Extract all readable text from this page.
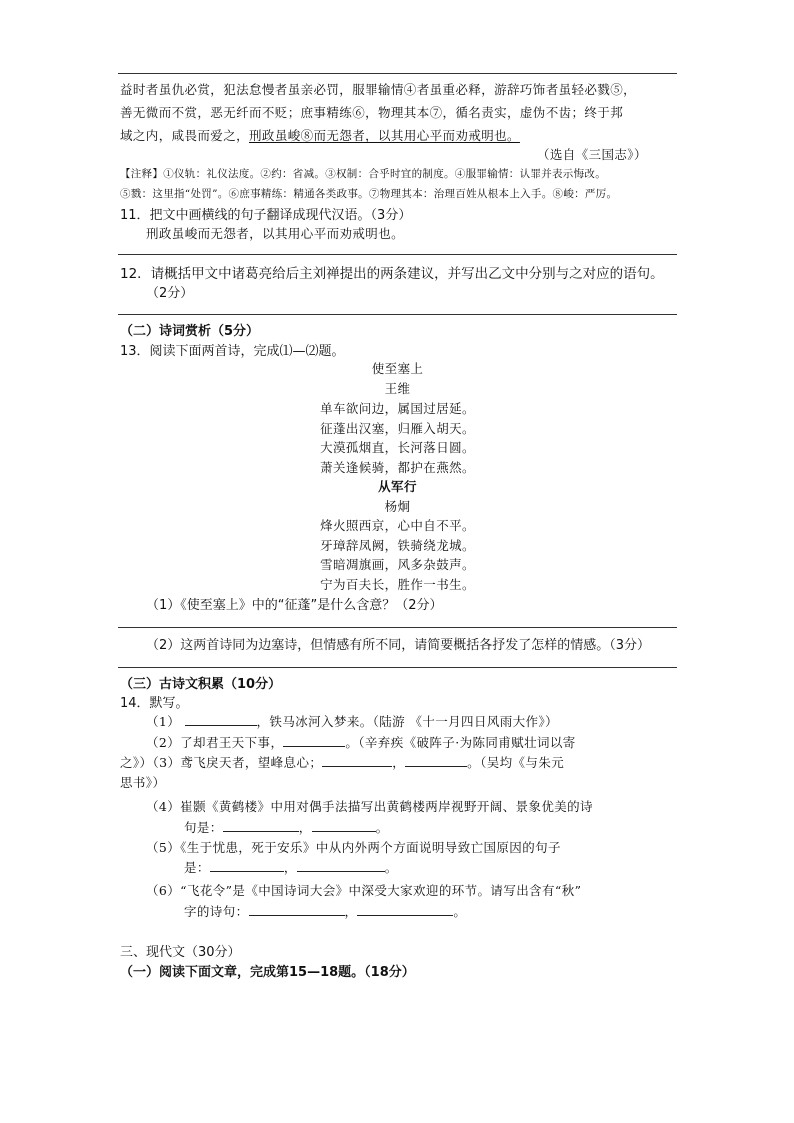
益时者虽仇必赏，犯法怠慢者虽亲必罚，服罪输情④者虽重必释，游辞巧饰者虽轻必戮⑤，
善无微而不赏，恶无纤而不贬；庶事精练⑥，物理其本⑦，循名责实，虚伪不齿；终于邦
域之内，咸畏而爱之，刑政虽峻⑧而无怨者，以其用心平而劝戒明也。
（选自《三国志》）
【注释】①仪轨：礼仪法度。②约：省减。③权制：合乎时宜的制度。④服罪输情：认罪并表示悔改。
⑤戮：这里指“处罚”。⑥庶事精练：精通各类政事。⑦物理其本：治理百姓从根本上入手。⑧峻：严厉。
11．把文中画横线的句子翻译成现代汉语。（3分）
刑政虽峻而无怨者，以其用心平而劝戒明也。
12．请概括甲文中诸葛亮给后主刘禅提出的两条建议，并写出乙文中分别与之对应的语句。
（2分）
（二）诗词赏析（5分）
13．阅读下面两首诗，完成⑴—⑵题。
使至塞上
王维
单车欲问边，属国过居延。
征蓬出汉塞，归雁入胡天。
大漠孤烟直，长河落日圆。
萧关逢候骑，都护在燕然。
从军行
杨炯
烽火照西京，心中自不平。
牙璋辞凤阙，铁骑绕龙城。
雪暗凋旗画，风多杂鼓声。
宁为百夫长，胜作一书生。
（1）《使至塞上》中的“征蓬”是什么含意？（2分）
（2）这两首诗同为边塞诗，但情感有所不同，请简要概括各抒发了怎样的情感。（3分）
（三）古诗文积累（10分）
14．默写。
（1）	，铁马冰河入梦来。（陆游 《十一月四日风雨大作》）
（2）了却君王天下事，	。（辛弃疾《破阵子·为陈同甫赋壮词以寄
之》）（3）鸢飞戾天者，望峰息心；	，	。（吴均《与朱元
思书》）
（4）崔颢《黄鹤楼》中用对偶手法描写出黄鹤楼两岸视野开阔、景象优美的诗
句是：	，	。
（5）《生于忧患，死于安乐》中从内外两个方面说明导致亡国原因的句子
是：	，	。
（6）“飞花令”是《中国诗词大会》中深受大家欢迎的环节。请写出含有“秋”
字的诗句：	，	。
三、现代文（30分）
（一）阅读下面文章，完成第15—18题。（18分）
